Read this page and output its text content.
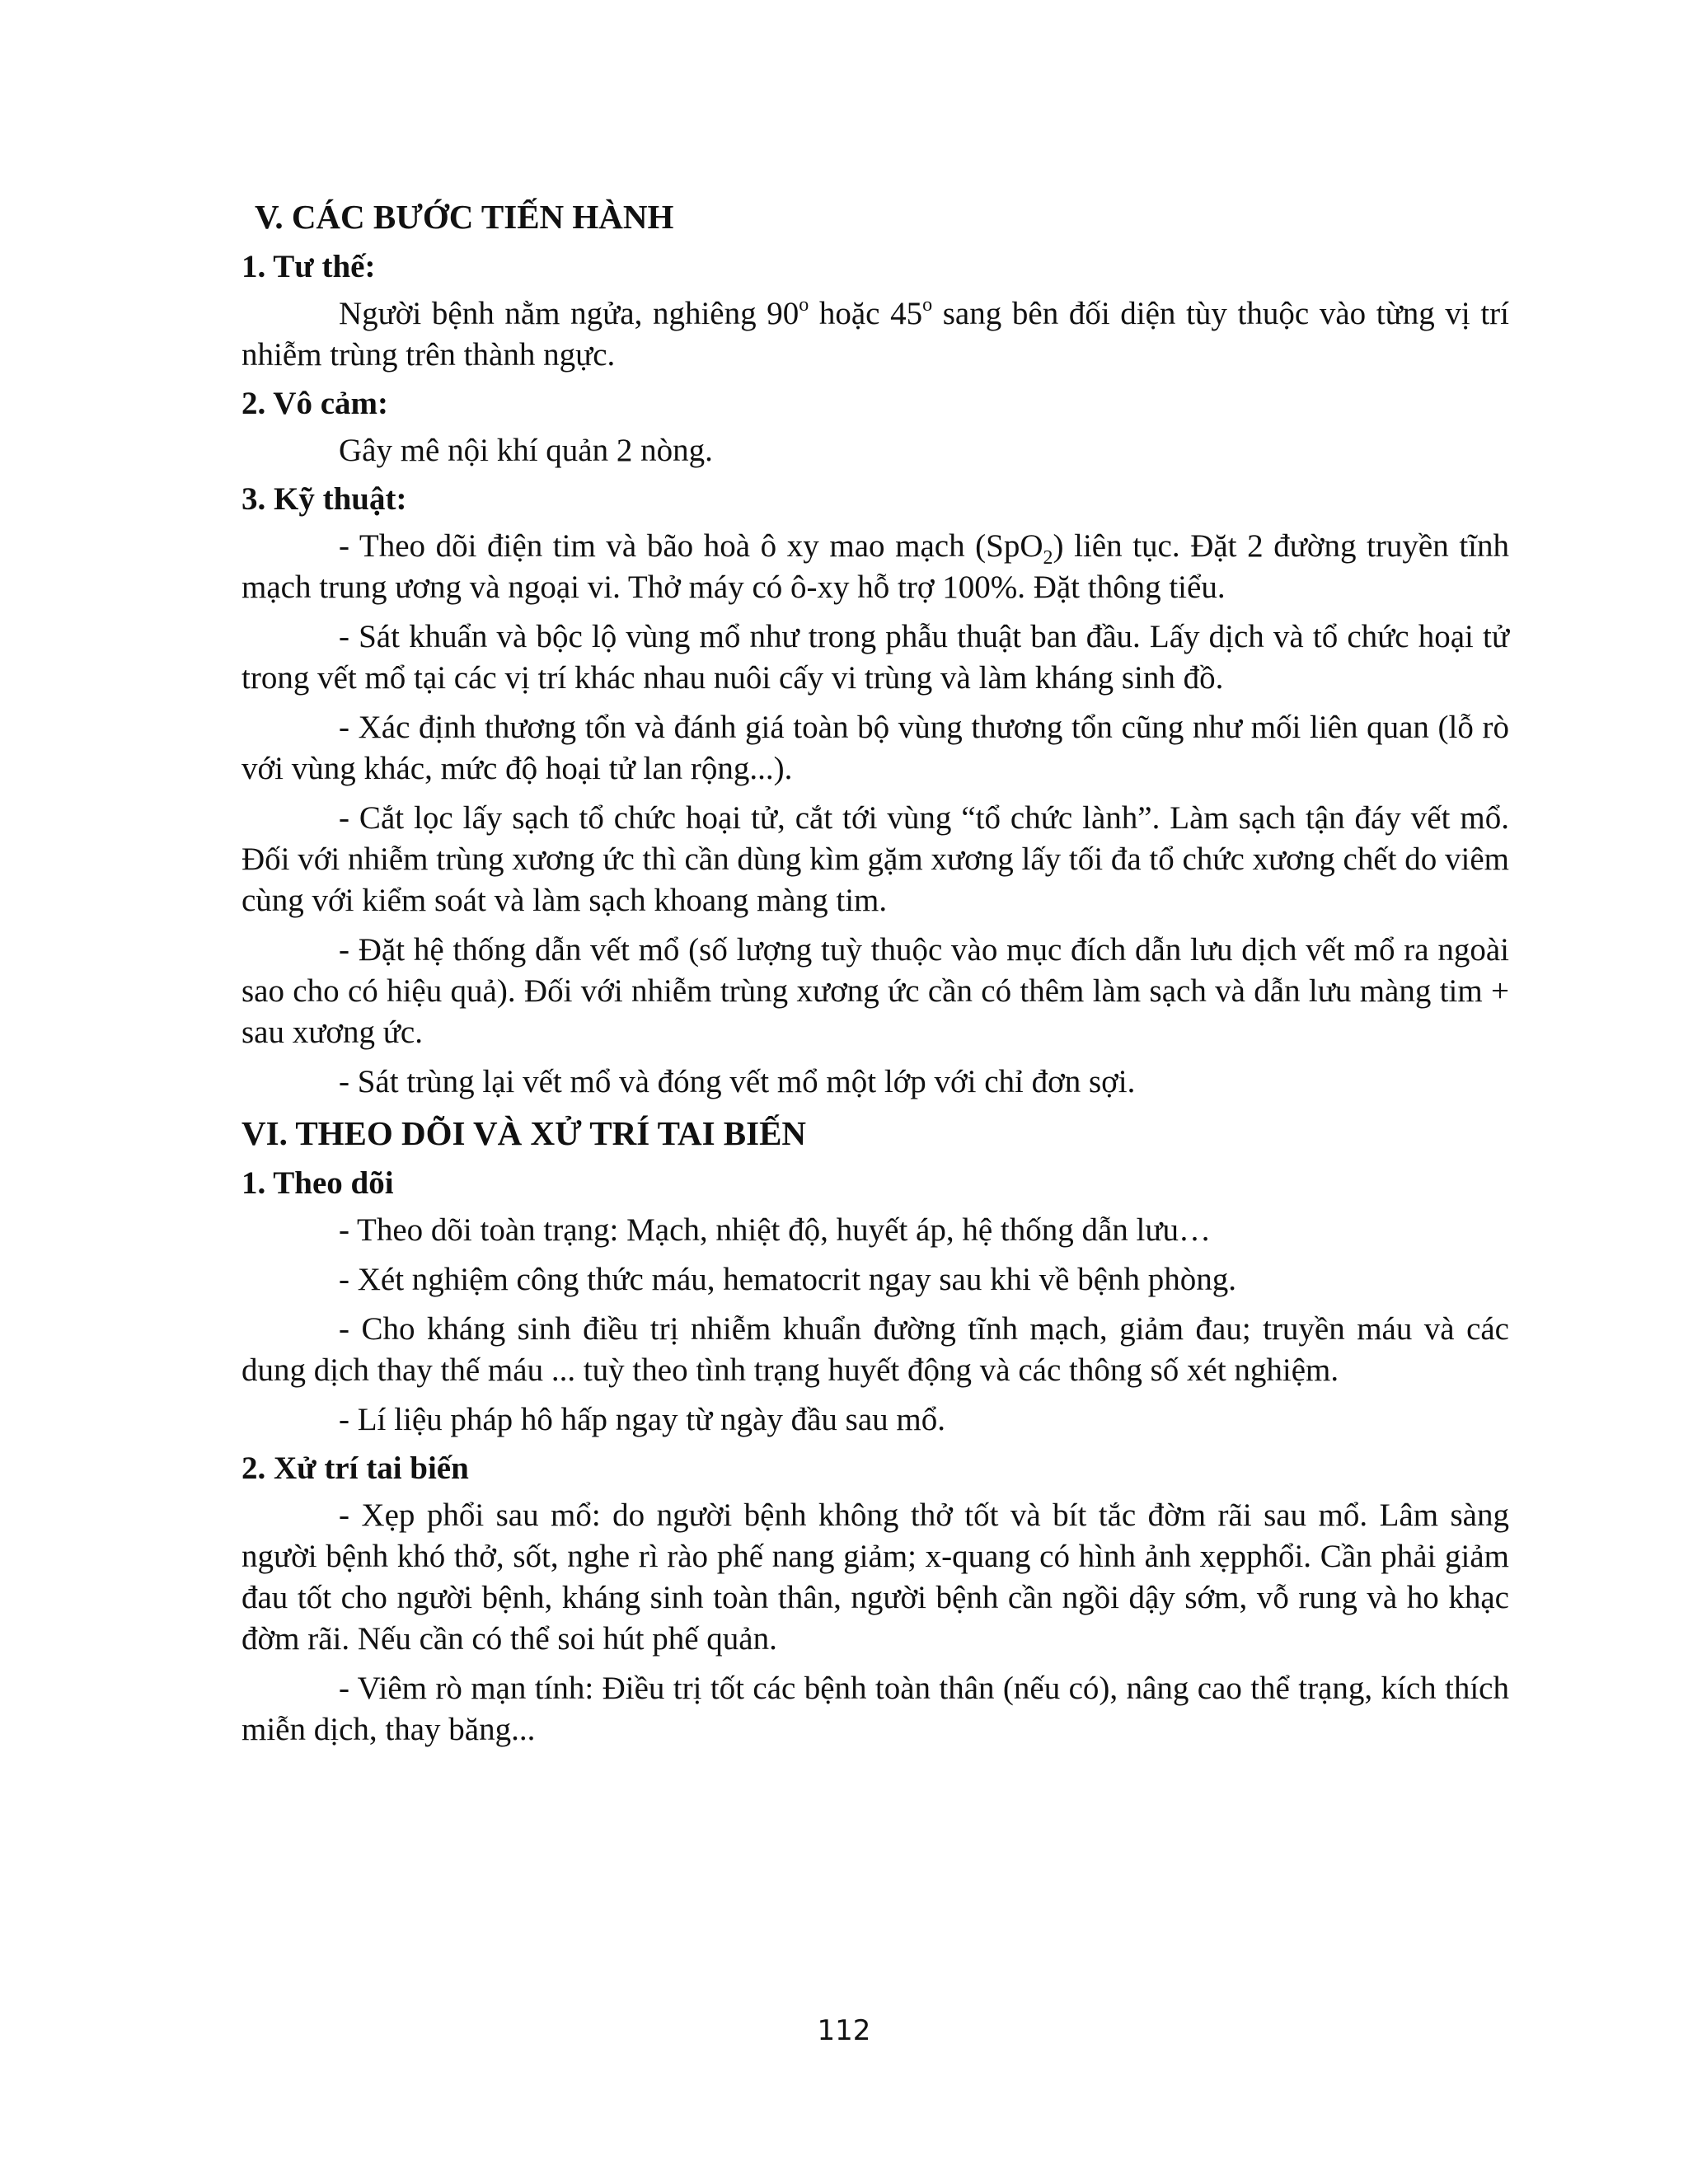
V. CÁC BƯỚC TIẾN HÀNH
1. Tư thế:

Người bệnh nằm ngửa, nghiêng 90$^o$ hoặc 45$^o$ sang bên đối diện tùy thuộc vào từng vị trí nhiễm trùng trên thành ngực.

2. Vô cảm:

Gây mê nội khí quản 2 nòng.

3. Kỹ thuật:

- Theo dõi điện tim và bão hoà ô xy mao mạch (SpO$_2$) liên tục. Đặt 2 đường truyền tĩnh mạch trung ương và ngoại vi. Thở máy có ô-xy hỗ trợ 100%. Đặt thông tiểu.

- Sát khuẩn và bộc lộ vùng mổ như trong phẫu thuật ban đầu. Lấy dịch và tổ chức hoại tử trong vết mổ tại các vị trí khác nhau nuôi cấy vi trùng và làm kháng sinh đồ.

- Xác định thương tổn và đánh giá toàn bộ vùng thương tổn cũng như mối liên quan (lỗ rò với vùng khác, mức độ hoại tử lan rộng...).

- Cắt lọc lấy sạch tổ chức hoại tử, cắt tới vùng “tổ chức lành”. Làm sạch tận đáy vết mổ. Đối với nhiễm trùng xương ức thì cần dùng kìm gặm xương lấy tối đa tổ chức xương chết do viêm cùng với kiểm soát và làm sạch khoang màng tim.

- Đặt hệ thống dẫn vết mổ (số lượng tuỳ thuộc vào mục đích dẫn lưu dịch vết mổ ra ngoài sao cho có hiệu quả). Đối với nhiễm trùng xương ức cần có thêm làm sạch và dẫn lưu màng tim + sau xương ức.

- Sát trùng lại vết mổ và đóng vết mổ một lớp với chỉ đơn sợi.

VI. THEO DÕI VÀ XỬ TRÍ TAI BIẾN
1. Theo dõi

- Theo dõi toàn trạng: Mạch, nhiệt độ, huyết áp, hệ thống dẫn lưu…

- Xét nghiệm công thức máu, hematocrit ngay sau khi về bệnh phòng.

- Cho kháng sinh điều trị nhiễm khuẩn đường tĩnh mạch, giảm đau; truyền máu và các dung dịch thay thế máu ... tuỳ theo tình trạng huyết động và các thông số xét nghiệm.

- Lí liệu pháp hô hấp ngay từ ngày đầu sau mổ.

2. Xử trí tai biến

- Xẹp phổi sau mổ: do người bệnh không thở tốt và bít tắc đờm rãi sau mổ. Lâm sàng người bệnh khó thở, sốt, nghe rì rào phế nang giảm; x-quang có hình ảnh xẹpphổi. Cần phải giảm đau tốt cho người bệnh, kháng sinh toàn thân, người bệnh cần ngồi dậy sớm, vỗ rung và ho khạc đờm rãi. Nếu cần có thể soi hút phế quản.

- Viêm rò mạn tính: Điều trị tốt các bệnh toàn thân (nếu có), nâng cao thể trạng, kích thích miễn dịch, thay băng...

112
